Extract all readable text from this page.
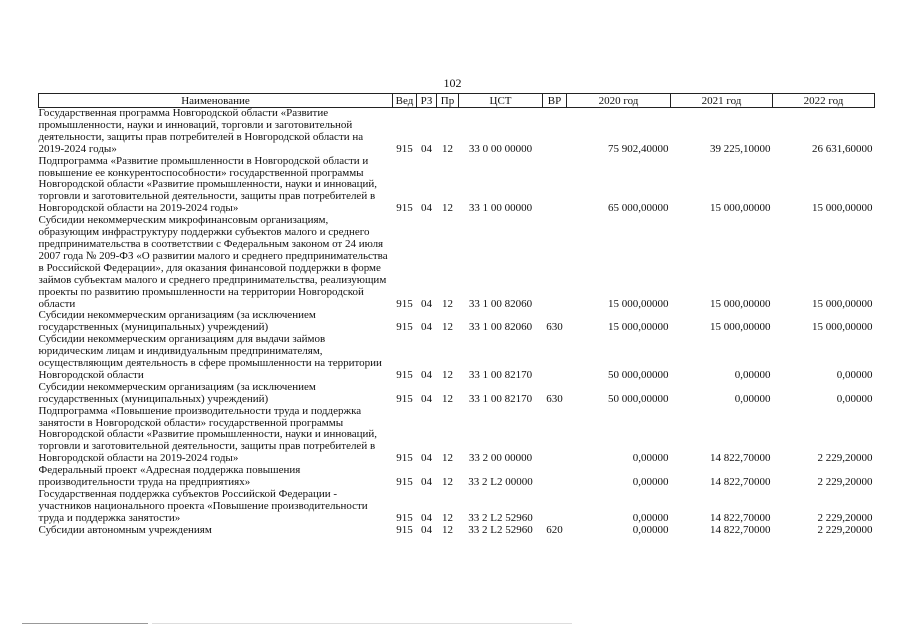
102
Наименование	Вед	РЗ	Пр	ЦСТ	ВР	2020 год	2021 год	2022 год
Государственная программа Новгородской области «Развитие промышленности, науки и инноваций, торговли и заготовительной деятельности, защиты прав потребителей в Новгородской области на 2019-2024 годы»	915	04	12	33 0 00 00000		75 902,40000	39 225,10000	26 631,60000
Подпрограмма «Развитие промышленности в Новгородской области и повышение ее конкурентоспособности» государственной программы Новгородской области «Развитие промышленности, науки и инноваций, торговли и заготовительной деятельности, защиты прав потребителей в Новгородской области на 2019-2024 годы»	915	04	12	33 1 00 00000		65 000,00000	15 000,00000	15 000,00000
Субсидии некоммерческим микрофинансовым организациям, образующим инфраструктуру поддержки субъектов малого и среднего предпринимательства в соответствии с Федеральным законом от 24 июля 2007 года № 209-ФЗ «О развитии малого и среднего предпринимательства в Российской Федерации», для оказания финансовой поддержки в форме займов субъектам малого и среднего предпринимательства, реализующим проекты по развитию промышленности на территории Новгородской области	915	04	12	33 1 00 82060		15 000,00000	15 000,00000	15 000,00000
Субсидии некоммерческим организациям (за исключением государственных (муниципальных) учреждений)	915	04	12	33 1 00 82060	630	15 000,00000	15 000,00000	15 000,00000
Субсидии некоммерческим организациям для выдачи займов юридическим лицам и индивидуальным предпринимателям, осуществляющим деятельность в сфере промышленности на территории Новгородской области	915	04	12	33 1 00 82170		50 000,00000	0,00000	0,00000
Субсидии некоммерческим организациям (за исключением государственных (муниципальных) учреждений)	915	04	12	33 1 00 82170	630	50 000,00000	0,00000	0,00000
Подпрограмма «Повышение производительности труда и поддержка занятости в Новгородской области» государственной программы Новгородской области «Развитие промышленности, науки и инноваций, торговли и заготовительной деятельности, защиты прав потребителей в Новгородской области на 2019-2024 годы»	915	04	12	33 2 00 00000		0,00000	14 822,70000	2 229,20000
Федеральный проект «Адресная поддержка повышения производительности труда на предприятиях»	915	04	12	33 2 L2 00000		0,00000	14 822,70000	2 229,20000
Государственная поддержка субъектов Российской Федерации - участников национального проекта «Повышение производительности труда и поддержка занятости»	915	04	12	33 2 L2 52960		0,00000	14 822,70000	2 229,20000
Субсидии автономным учреждениям	915	04	12	33 2 L2 52960	620	0,00000	14 822,70000	2 229,20000
